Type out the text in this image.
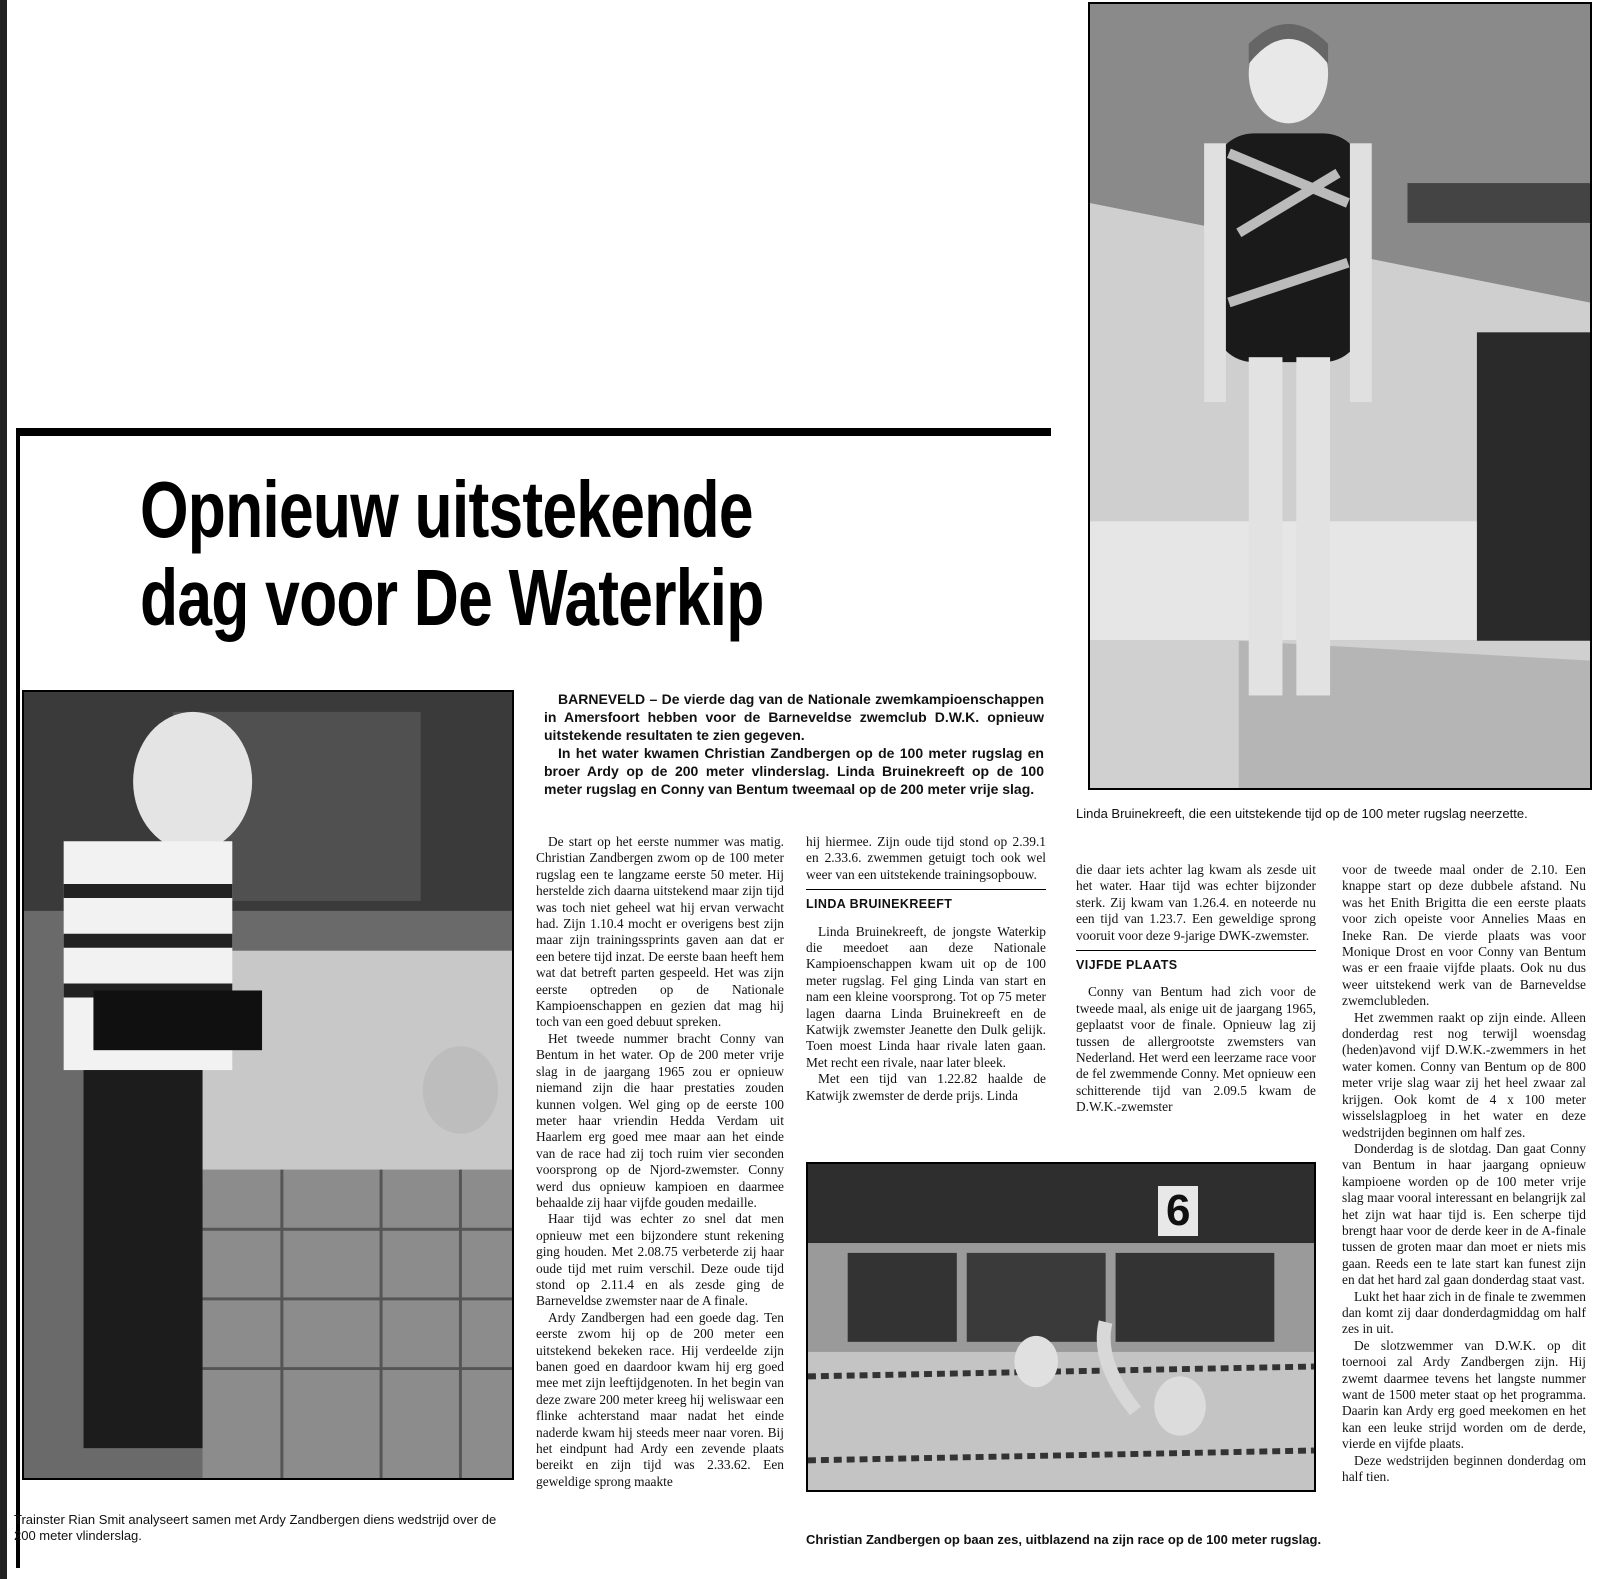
Opnieuw uitstekende
dag voor De Waterkip
Linda Bruinekreeft, die een uitstekende tijd op de 100 meter rugslag neerzette.
Trainster Rian Smit analyseert samen met Ardy Zandbergen diens wedstrijd over de 200 meter vlinderslag.
6
Christian Zandbergen op baan zes, uitblazend na zijn race op de 100 meter rugslag.

BARNEVELD – De vierde dag van de Nationale zwemkampioenschappen in Amersfoort hebben voor de Barneveldse zwemclub D.W.K. opnieuw uitstekende resultaten te zien gegeven.

In het water kwamen Christian Zandbergen op de 100 meter rugslag en broer Ardy op de 200 meter vlinderslag. Linda Bruinekreeft op de 100 meter rugslag en Conny van Bentum tweemaal op de 200 meter vrije slag.

De start op het eerste nummer was matig. Christian Zandbergen zwom op de 100 meter rugslag een te langzame eerste 50 meter. Hij herstelde zich daarna uitstekend maar zijn tijd was toch niet geheel wat hij ervan verwacht had. Zijn 1.10.4 mocht er overigens best zijn maar zijn trainingssprints gaven aan dat er een betere tijd inzat. De eerste baan heeft hem wat dat betreft parten gespeeld. Het was zijn eerste optreden op de Nationale Kampioenschappen en gezien dat mag hij toch van een goed debuut spreken.

Het tweede nummer bracht Conny van Bentum in het water. Op de 200 meter vrije slag in de jaargang 1965 zou er opnieuw niemand zijn die haar prestaties zouden kunnen volgen. Wel ging op de eerste 100 meter haar vriendin Hedda Verdam uit Haarlem erg goed mee maar aan het einde van de race had zij toch ruim vier seconden voorsprong op de Njord-zwemster. Conny werd dus opnieuw kampioen en daarmee behaalde zij haar vijfde gouden medaille.

Haar tijd was echter zo snel dat men opnieuw met een bijzondere stunt rekening ging houden. Met 2.08.75 verbeterde zij haar oude tijd met ruim verschil. Deze oude tijd stond op 2.11.4 en als zesde ging de Barneveldse zwemster naar de A finale.

Ardy Zandbergen had een goede dag. Ten eerste zwom hij op de 200 meter een uitstekend bekeken race. Hij verdeelde zijn banen goed en daardoor kwam hij erg goed mee met zijn leeftijdgenoten. In het begin van deze zware 200 meter kreeg hij weliswaar een flinke achterstand maar nadat het einde naderde kwam hij steeds meer naar voren. Bij het eindpunt had Ardy een zevende plaats bereikt en zijn tijd was 2.33.62. Een geweldige sprong maakte

hij hiermee. Zijn oude tijd stond op 2.39.1 en 2.33.6. zwemmen getuigt toch ook wel weer van een uitstekende trainingsopbouw.

LINDA BRUINEKREEFT

Linda Bruinekreeft, de jongste Waterkip die meedoet aan deze Nationale Kampioenschappen kwam uit op de 100 meter rugslag. Fel ging Linda van start en nam een kleine voorsprong. Tot op 75 meter lagen daarna Linda Bruinekreeft en de Katwijk zwemster Jeanette den Dulk gelijk. Toen moest Linda haar rivale laten gaan. Met recht een rivale, naar later bleek.

Met een tijd van 1.22.82 haalde de Katwijk zwemster de derde prijs. Linda

die daar iets achter lag kwam als zesde uit het water. Haar tijd was echter bijzonder sterk. Zij kwam van 1.26.4. en noteerde nu een tijd van 1.23.7. Een geweldige sprong vooruit voor deze 9-jarige DWK-zwemster.

VIJFDE PLAATS

Conny van Bentum had zich voor de tweede maal, als enige uit de jaargang 1965, geplaatst voor de finale. Opnieuw lag zij tussen de allergrootste zwemsters van Nederland. Het werd een leerzame race voor de fel zwemmende Conny. Met opnieuw een schitterende tijd van 2.09.5 kwam de D.W.K.-zwemster

voor de tweede maal onder de 2.10. Een knappe start op deze dubbele afstand. Nu was het Enith Brigitta die een eerste plaats voor zich opeiste voor Annelies Maas en Ineke Ran. De vierde plaats was voor Monique Drost en voor Conny van Bentum was er een fraaie vijfde plaats. Ook nu dus weer uitstekend werk van de Barneveldse zwemclubleden.

Het zwemmen raakt op zijn einde. Alleen donderdag rest nog terwijl woensdag (heden)avond vijf D.W.K.-zwemmers in het water komen. Conny van Bentum op de 800 meter vrije slag waar zij het heel zwaar zal krijgen. Ook komt de 4 x 100 meter wisselslagploeg in het water en deze wedstrijden beginnen om half zes.

Donderdag is de slotdag. Dan gaat Conny van Bentum in haar jaargang opnieuw kampioene worden op de 100 meter vrije slag maar vooral interessant en belangrijk zal het zijn wat haar tijd is. Een scherpe tijd brengt haar voor de derde keer in de A-finale tussen de groten maar dan moet er niets mis gaan. Reeds een te late start kan funest zijn en dat het hard zal gaan donderdag staat vast.

Lukt het haar zich in de finale te zwemmen dan komt zij daar donderdagmiddag om half zes in uit.

De slotzwemmer van D.W.K. op dit toernooi zal Ardy Zandbergen zijn. Hij zwemt daarmee tevens het langste nummer want de 1500 meter staat op het programma. Daarin kan Ardy erg goed meekomen en het kan een leuke strijd worden om de derde, vierde en vijfde plaats.

Deze wedstrijden beginnen donderdag om half tien.
